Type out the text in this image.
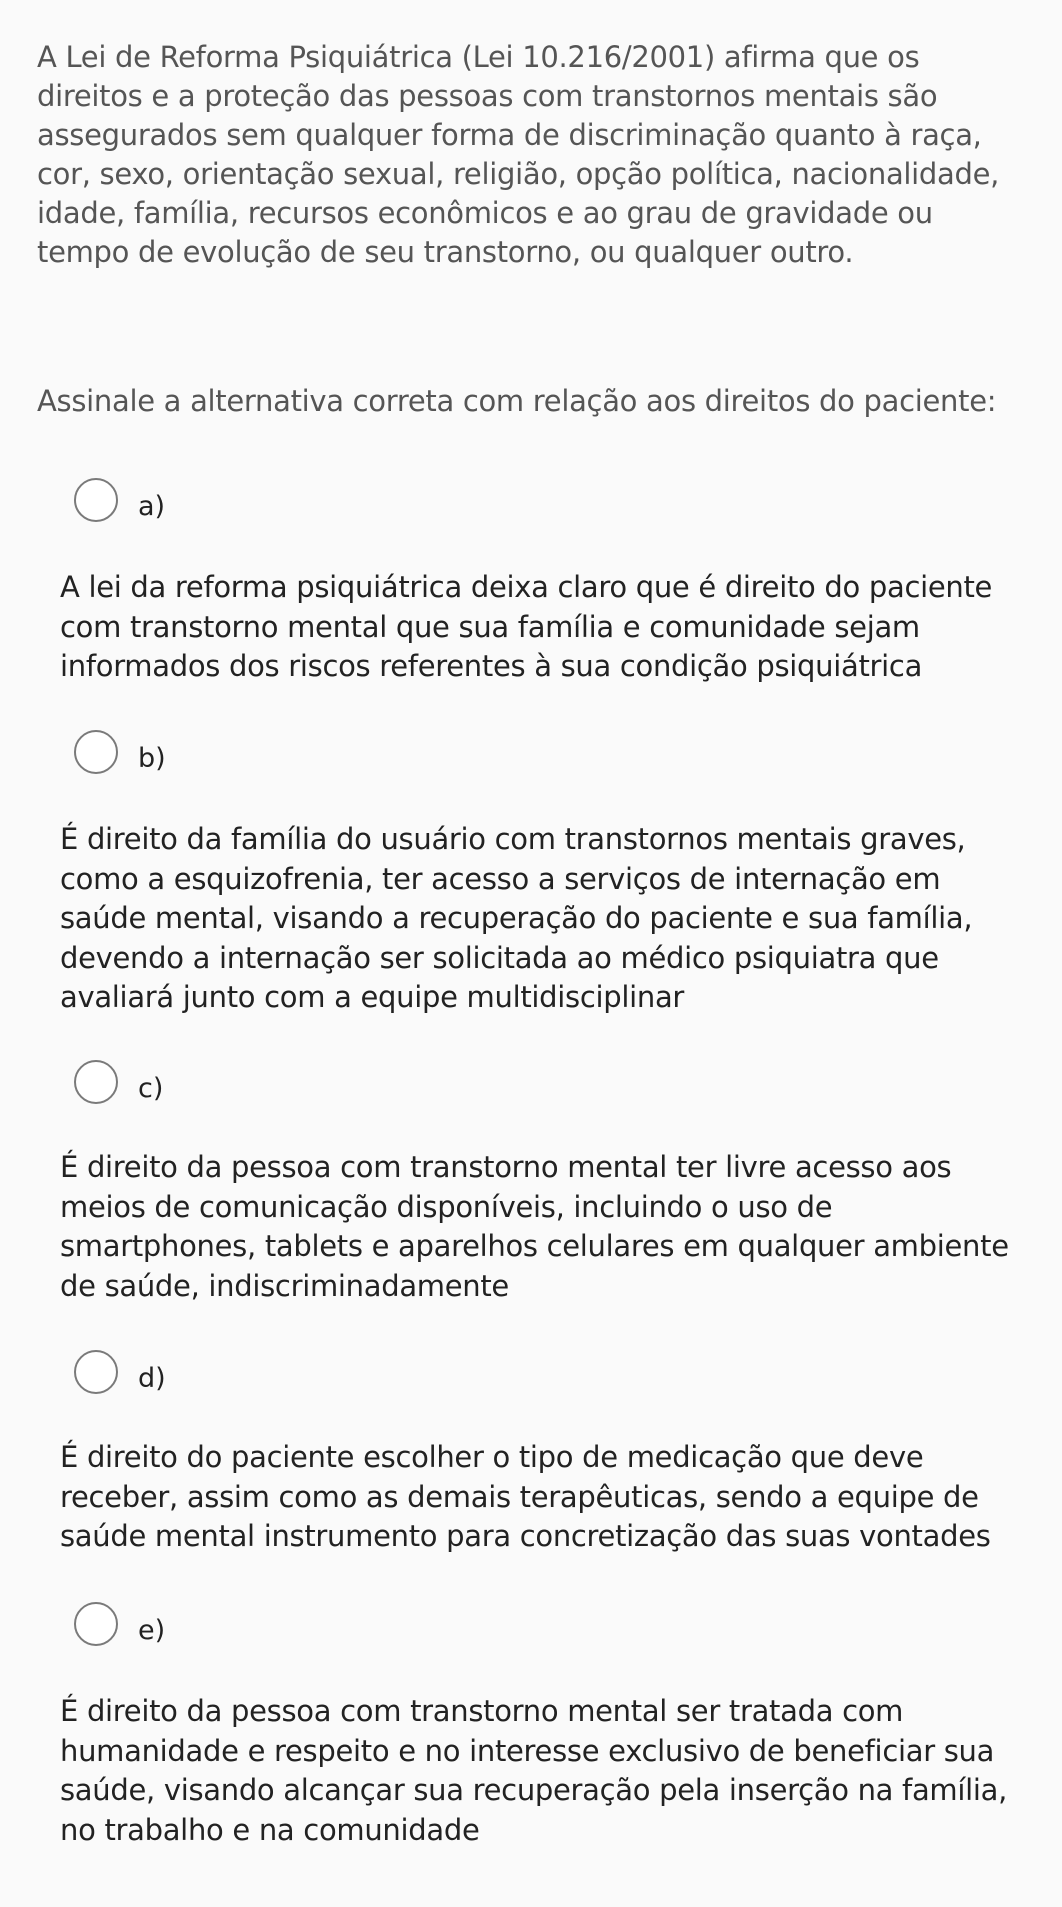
A Lei de Reforma Psiquiátrica (Lei 10.216/2001) afirma que os direitos e a proteção das pessoas com transtornos mentais são assegurados sem qualquer forma de discriminação quanto à raça, cor, sexo, orientação sexual, religião, opção política, nacionalidade, idade, família, recursos econômicos e ao grau de gravidade ou tempo de evolução de seu transtorno, ou qualquer outro.

Assinale a alternativa correta com relação aos direitos do paciente:

a)

A lei da reforma psiquiátrica deixa claro que é direito do paciente com transtorno mental que sua família e comunidade sejam informados dos riscos referentes à sua condição psiquiátrica

b)

É direito da família do usuário com transtornos mentais graves, como a esquizofrenia, ter acesso a serviços de internação em saúde mental, visando a recuperação do paciente e sua família, devendo a internação ser solicitada ao médico psiquiatra que avaliará junto com a equipe multidisciplinar

c)

É direito da pessoa com transtorno mental ter livre acesso aos meios de comunicação disponíveis, incluindo o uso de smartphones, tablets e aparelhos celulares em qualquer ambiente de saúde, indiscriminadamente

d)

É direito do paciente escolher o tipo de medicação que deve receber, assim como as demais terapêuticas, sendo a equipe de saúde mental instrumento para concretização das suas vontades

e)

É direito da pessoa com transtorno mental ser tratada com humanidade e respeito e no interesse exclusivo de beneficiar sua saúde, visando alcançar sua recuperação pela inserção na família, no trabalho e na comunidade
